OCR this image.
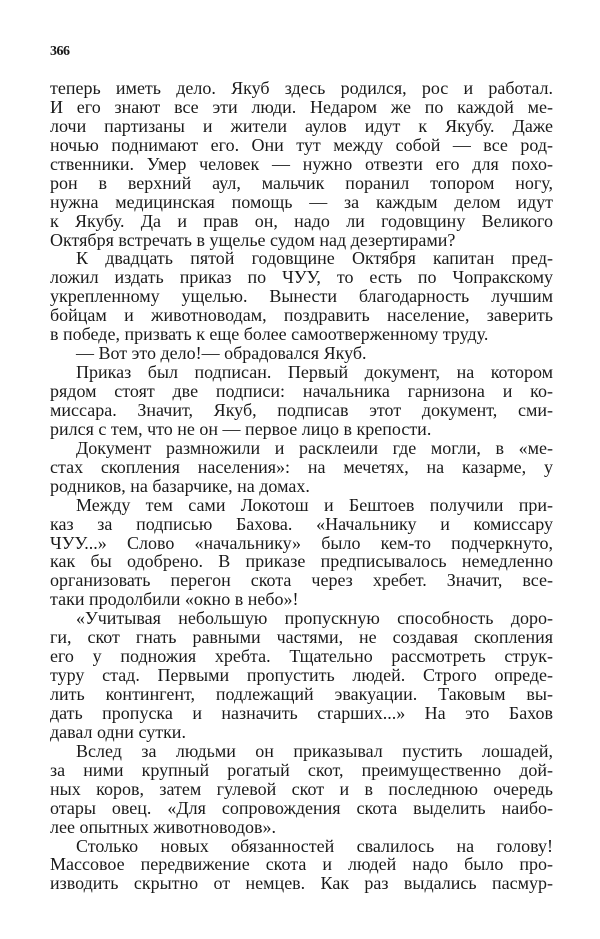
366
теперь иметь дело. Якуб здесь родился, рос и работал.
И его знают все эти люди. Недаром же по каждой ме-
лочи партизаны и жители аулов идут к Якубу. Даже
ночью поднимают его. Они тут между собой — все род-
ственники. Умер человек — нужно отвезти его для похо-
рон в верхний аул, мальчик поранил топором ногу,
нужна медицинская помощь — за каждым делом идут
к Якубу. Да и прав он, надо ли годовщину Великого
Октября встречать в ущелье судом над дезертирами?
К двадцать пятой годовщине Октября капитан пред-
ложил издать приказ по ЧУУ, то есть по Чопракскому
укрепленному ущелью. Вынести благодарность лучшим
бойцам и животноводам, поздравить население, заверить
в победе, призвать к еще более самоотверженному труду.
— Вот это дело!— обрадовался Якуб.
Приказ был подписан. Первый документ, на котором
рядом стоят две подписи: начальника гарнизона и ко-
миссара. Значит, Якуб, подписав этот документ, сми-
рился с тем, что не он — первое лицо в крепости.
Документ размножили и расклеили где могли, в «ме-
стах скопления населения»: на мечетях, на казарме, у
родников, на базарчике, на домах.
Между тем сами Локотош и Бештоев получили при-
каз за подписью Бахова. «Начальнику и комиссару
ЧУУ...» Слово «начальнику» было кем-то подчеркнуто,
как бы одобрено. В приказе предписывалось немедленно
организовать перегон скота через хребет. Значит, все-
таки продолбили «окно в небо»!
«Учитывая небольшую пропускную способность доро-
ги, скот гнать равными частями, не создавая скопления
его у подножия хребта. Тщательно рассмотреть струк-
туру стад. Первыми пропустить людей. Строго опреде-
лить контингент, подлежащий эвакуации. Таковым вы-
дать пропуска и назначить старших...» На это Бахов
давал одни сутки.
Вслед за людьми он приказывал пустить лошадей,
за ними крупный рогатый скот, преимущественно дой-
ных коров, затем гулевой скот и в последнюю очередь
отары овец. «Для сопровождения скота выделить наибо-
лее опытных животноводов».
Столько новых обязанностей свалилось на голову!
Массовое передвижение скота и людей надо было про-
изводить скрытно от немцев. Как раз выдались пасмур-
